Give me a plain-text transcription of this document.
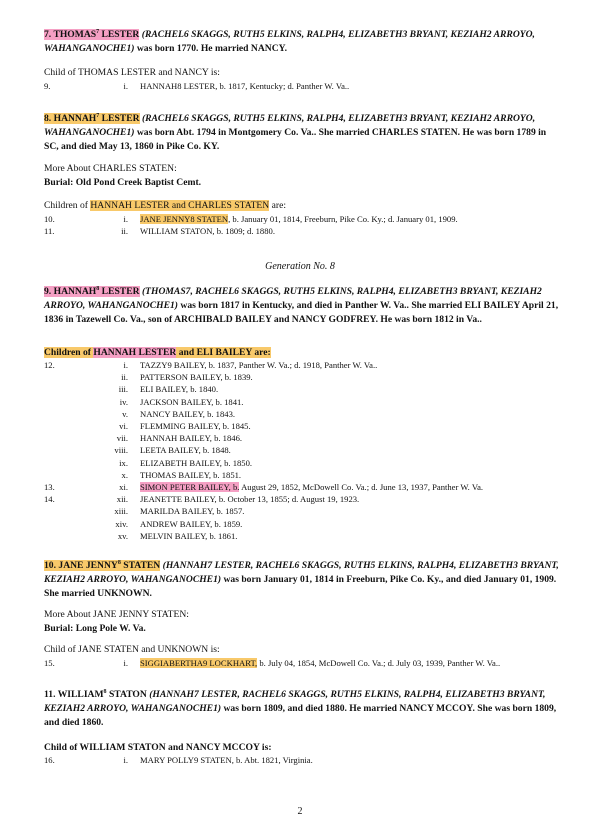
7. THOMAS$^7$ LESTER (RACHEL6 SKAGGS, RUTH5 ELKINS, RALPH4, ELIZABETH3 BRYANT, KEZIAH2 ARROYO, WAHANGANOCHE1) was born 1770. He married NANCY.
Child of THOMAS LESTER and NANCY is:
9.	i. HANNAH8 LESTER, b. 1817, Kentucky; d. Panther W. Va..
8. HANNAH$^7$ LESTER (RACHEL6 SKAGGS, RUTH5 ELKINS, RALPH4, ELIZABETH3 BRYANT, KEZIAH2 ARROYO, WAHANGANOCHE1) was born Abt. 1794 in Montgomery Co. Va.. She married CHARLES STATEN. He was born 1789 in SC, and died May 13, 1860 in Pike Co. KY.
More About CHARLES STATEN:
Burial: Old Pond Creek Baptist Cemt.
Children of HANNAH LESTER and CHARLES STATEN are:
10.	i. JANE JENNY8 STATEN, b. January 01, 1814, Freeburn, Pike Co. Ky.; d. January 01, 1909.
11.	ii. WILLIAM STATON, b. 1809; d. 1880.
Generation No. 8
9. HANNAH$^8$ LESTER (THOMAS7, RACHEL6 SKAGGS, RUTH5 ELKINS, RALPH4, ELIZABETH3 BRYANT, KEZIAH2 ARROYO, WAHANGANOCHE1) was born 1817 in Kentucky, and died in Panther W. Va.. She married ELI BAILEY April 21, 1836 in Tazewell Co. Va., son of ARCHIBALD BAILEY and NANCY GODFREY. He was born 1812 in Va..
Children of HANNAH LESTER and ELI BAILEY are:
12.	i. TAZZY9 BAILEY, b. 1837, Panther W. Va.; d. 1918, Panther W. Va..
ii. PATTERSON BAILEY, b. 1839.
iii. ELI BAILEY, b. 1840.
iv. JACKSON BAILEY, b. 1841.
v. NANCY BAILEY, b. 1843.
vi. FLEMMING BAILEY, b. 1845.
vii. HANNAH BAILEY, b. 1846.
viii. LEETA BAILEY, b. 1848.
ix. ELIZABETH BAILEY, b. 1850.
x. THOMAS BAILEY, b. 1851.
13.	xi. SIMON PETER BAILEY, b. August 29, 1852, McDowell Co. Va.; d. June 13, 1937, Panther W. Va.
14.	xii. JEANETTE BAILEY, b. October 13, 1855; d. August 19, 1923.
xiii. MARILDA BAILEY, b. 1857.
xiv. ANDREW BAILEY, b. 1859.
xv. MELVIN BAILEY, b. 1861.
10. JANE JENNY$^8$ STATEN (HANNAH7 LESTER, RACHEL6 SKAGGS, RUTH5 ELKINS, RALPH4, ELIZABETH3 BRYANT, KEZIAH2 ARROYO, WAHANGANOCHE1) was born January 01, 1814 in Freeburn, Pike Co. Ky., and died January 01, 1909. She married UNKNOWN.
More About JANE JENNY STATEN:
Burial: Long Pole W. Va.
Child of JANE STATEN and UNKNOWN is:
15.	i. SIGGIABERTHA9 LOCKHART, b. July 04, 1854, McDowell Co. Va.; d. July 03, 1939, Panther W. Va..
11. WILLIAM$^8$ STATON (HANNAH7 LESTER, RACHEL6 SKAGGS, RUTH5 ELKINS, RALPH4, ELIZABETH3 BRYANT, KEZIAH2 ARROYO, WAHANGANOCHE1) was born 1809, and died 1880. He married NANCY MCCOY. She was born 1809, and died 1860.
Child of WILLIAM STATON and NANCY MCCOY is:
16.	i. MARY POLLY9 STATEN, b. Abt. 1821, Virginia.
2
